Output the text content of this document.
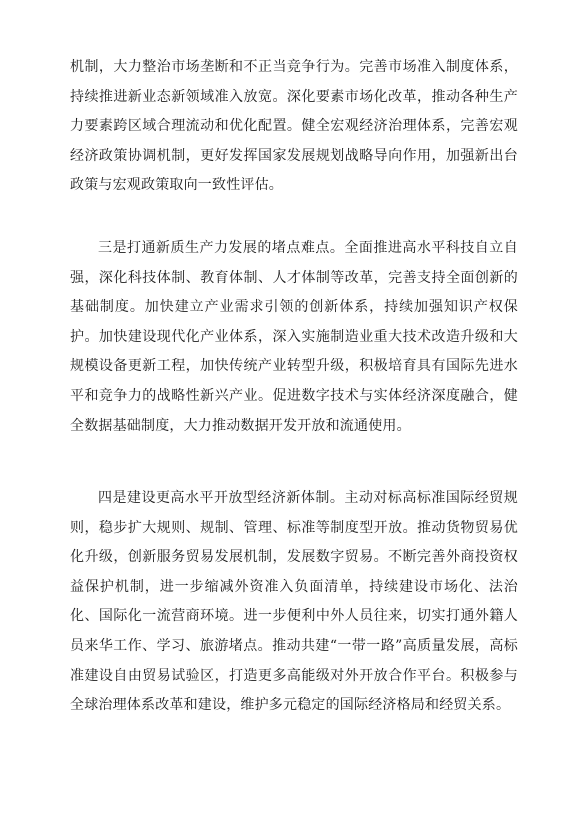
机制，大力整治市场垄断和不正当竞争行为。完善市场准入制度体系，持续推进新业态新领域准入放宽。深化要素市场化改革，推动各种生产力要素跨区域合理流动和优化配置。健全宏观经济治理体系，完善宏观经济政策协调机制，更好发挥国家发展规划战略导向作用，加强新出台政策与宏观政策取向一致性评估。

三是打通新质生产力发展的堵点难点。全面推进高水平科技自立自强，深化科技体制、教育体制、人才体制等改革，完善支持全面创新的基础制度。加快建立产业需求引领的创新体系，持续加强知识产权保护。加快建设现代化产业体系，深入实施制造业重大技术改造升级和大规模设备更新工程，加快传统产业转型升级，积极培育具有国际先进水平和竞争力的战略性新兴产业。促进数字技术与实体经济深度融合，健全数据基础制度，大力推动数据开发开放和流通使用。

四是建设更高水平开放型经济新体制。主动对标高标准国际经贸规则，稳步扩大规则、规制、管理、标准等制度型开放。推动货物贸易优化升级，创新服务贸易发展机制，发展数字贸易。不断完善外商投资权益保护机制，进一步缩减外资准入负面清单，持续建设市场化、法治化、国际化一流营商环境。进一步便利中外人员往来，切实打通外籍人员来华工作、学习、旅游堵点。推动共建“一带一路”高质量发展，高标准建设自由贸易试验区，打造更多高能级对外开放合作平台。积极参与全球治理体系改革和建设，维护多元稳定的国际经济格局和经贸关系。
